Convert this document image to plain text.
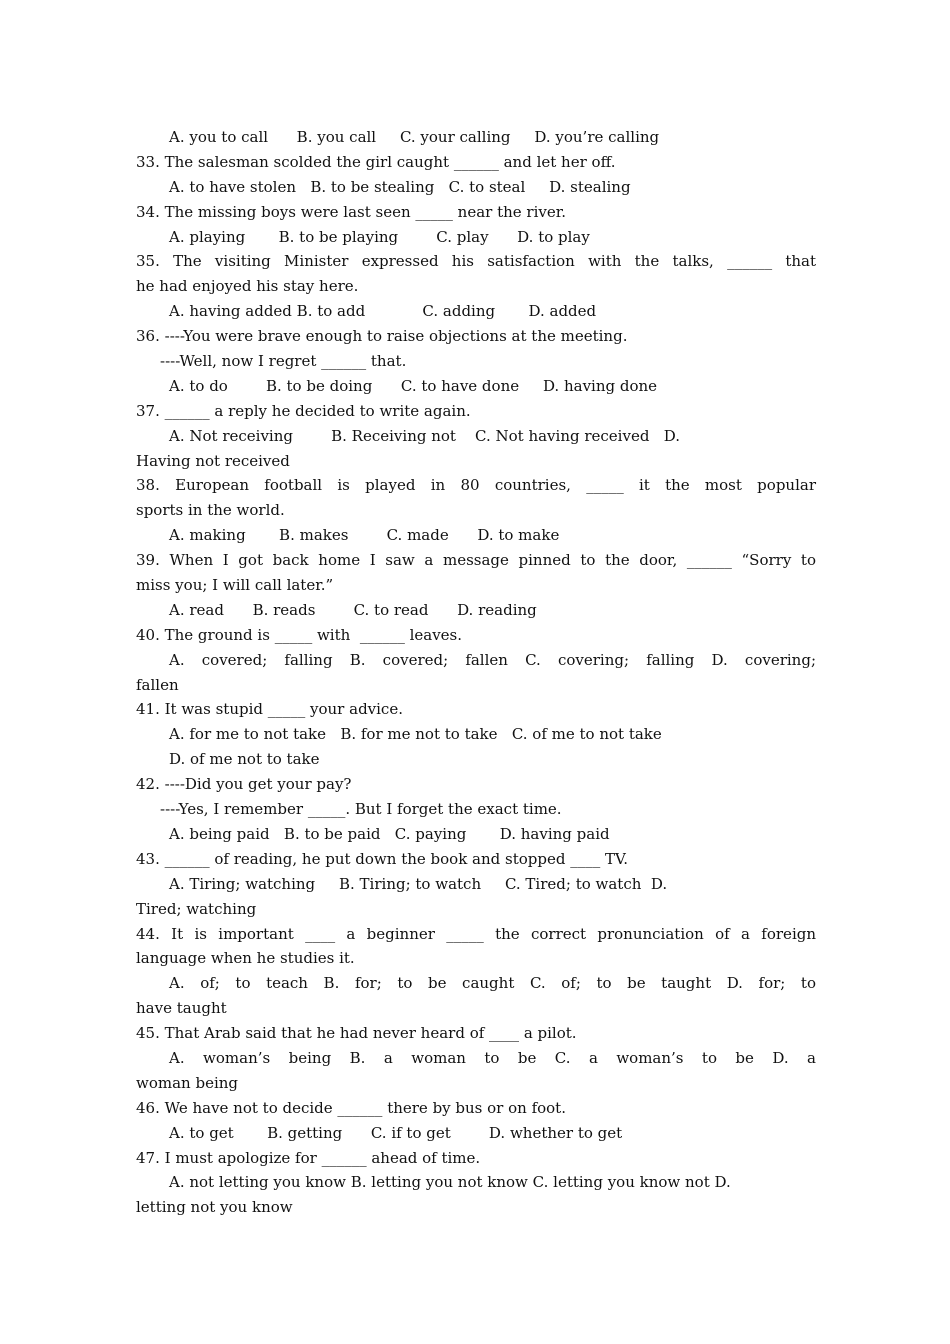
A. you to call      B. you call     C. your calling     D. you’re calling
33. The salesman scolded the girl caught ______ and let her off.
A. to have stolen   B. to be stealing   C. to steal     D. stealing
34. The missing boys were last seen _____ near the river.
A. playing       B. to be playing        C. play      D. to play
35. The visiting Minister expressed his satisfaction with the talks, ______ that
he had enjoyed his stay here.
A. having added B. to add            C. adding       D. added
36. ----You were brave enough to raise objections at the meeting.
----Well, now I regret ______ that.
A. to do        B. to be doing      C. to have done     D. having done
37. ______ a reply he decided to write again.
A. Not receiving        B. Receiving not    C. Not having received   D.
Having not received
38. European football is played in 80 countries, _____ it the most popular
sports in the world.
A. making       B. makes        C. made      D. to make
39. When I got back home I saw a message pinned to the door, ______ “Sorry to
miss you; I will call later.”
A. read      B. reads        C. to read      D. reading
40. The ground is _____ with  ______ leaves.
A. covered; falling B. covered; fallen C. covering; falling D. covering;
fallen
41. It was stupid _____ your advice.
A. for me to not take   B. for me not to take   C. of me to not take
D. of me not to take
42. ----Did you get your pay?
----Yes, I remember _____. But I forget the exact time.
A. being paid   B. to be paid   C. paying       D. having paid
43. ______ of reading, he put down the book and stopped ____ TV.
A. Tiring; watching     B. Tiring; to watch     C. Tired; to watch  D.
Tired; watching
44. It is important ____ a beginner _____ the correct pronunciation of a foreign
language when he studies it.
A. of; to teach B. for; to be caught C. of; to be taught D. for; to
have taught
45. That Arab said that he had never heard of ____ a pilot.
A. woman’s being B. a woman to be C. a woman’s to be D. a
woman being
46. We have not to decide ______ there by bus or on foot.
A. to get       B. getting      C. if to get        D. whether to get
47. I must apologize for ______ ahead of time.
A. not letting you know B. letting you not know C. letting you know not D.
letting not you know
